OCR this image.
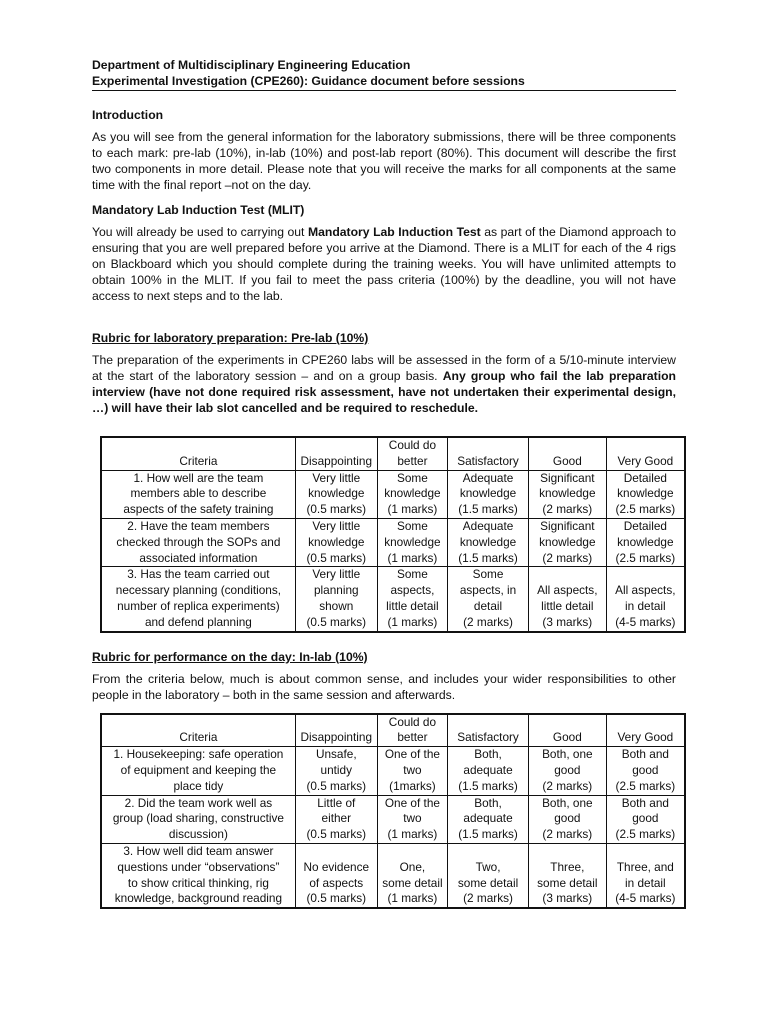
Department of Multidisciplinary Engineering Education
Experimental Investigation (CPE260): Guidance document before sessions
Introduction

As you will see from the general information for the laboratory submissions, there will be three components to each mark: pre-lab (10%), in-lab (10%) and post-lab report (80%). This document will describe the first two components in more detail. Please note that you will receive the marks for all components at the same time with the final report –not on the day.

Mandatory Lab Induction Test (MLIT)

You will already be used to carrying out Mandatory Lab Induction Test as part of the Diamond approach to ensuring that you are well prepared before you arrive at the Diamond. There is a MLIT for each of the 4 rigs on Blackboard which you should complete during the training weeks. You will have unlimited attempts to obtain 100% in the MLIT. If you fail to meet the pass criteria (100%) by the deadline, you will not have access to next steps and to the lab.

Rubric for laboratory preparation: Pre-lab (10%)

The preparation of the experiments in CPE260 labs will be assessed in the form of a 5/10-minute interview at the start of the laboratory session – and on a group basis. Any group who fail the lab preparation interview (have not done required risk assessment, have not undertaken their experimental design, …) will have their lab slot cancelled and be required to reschedule.

Criteria	Disappointing	Could do
better	Satisfactory	Good	Very Good
1. How well are the team
members able to describe
aspects of the safety training	Very little
knowledge
(0.5 marks)	Some
knowledge
(1 marks)	Adequate
knowledge
(1.5 marks)	Significant
knowledge
(2 marks)	Detailed
knowledge
(2.5 marks)
2. Have the team members
checked through the SOPs and
associated information	Very little
knowledge
(0.5 marks)	Some
knowledge
(1 marks)	Adequate
knowledge
(1.5 marks)	Significant
knowledge
(2 marks)	Detailed
knowledge
(2.5 marks)
3. Has the team carried out
necessary planning (conditions,
number of replica experiments)
and defend planning	Very little
planning
shown
(0.5 marks)	Some
aspects,
little detail
(1 marks)	Some
aspects, in
detail
(2 marks)	All aspects,
little detail
(3 marks)	All aspects,
in detail
(4-5 marks)
Rubric for performance on the day: In-lab (10%)

From the criteria below, much is about common sense, and includes your wider responsibilities to other people in the laboratory – both in the same session and afterwards.

Criteria	Disappointing	Could do
better	Satisfactory	Good	Very Good
1. Housekeeping: safe operation
of equipment and keeping the
place tidy	Unsafe,
untidy
(0.5 marks)	One of the
two
(1marks)	Both,
adequate
(1.5 marks)	Both, one
good
(2 marks)	Both and
good
(2.5 marks)
2. Did the team work well as
group (load sharing, constructive
discussion)	Little of
either
(0.5 marks)	One of the
two
(1 marks)	Both,
adequate
(1.5 marks)	Both, one
good
(2 marks)	Both and
good
(2.5 marks)
3. How well did team answer
questions under “observations”
to show critical thinking, rig
knowledge, background reading	No evidence
of aspects
(0.5 marks)	One,
some detail
(1 marks)	Two,
some detail
(2 marks)	Three,
some detail
(3 marks)	Three, and
in detail
(4-5 marks)
